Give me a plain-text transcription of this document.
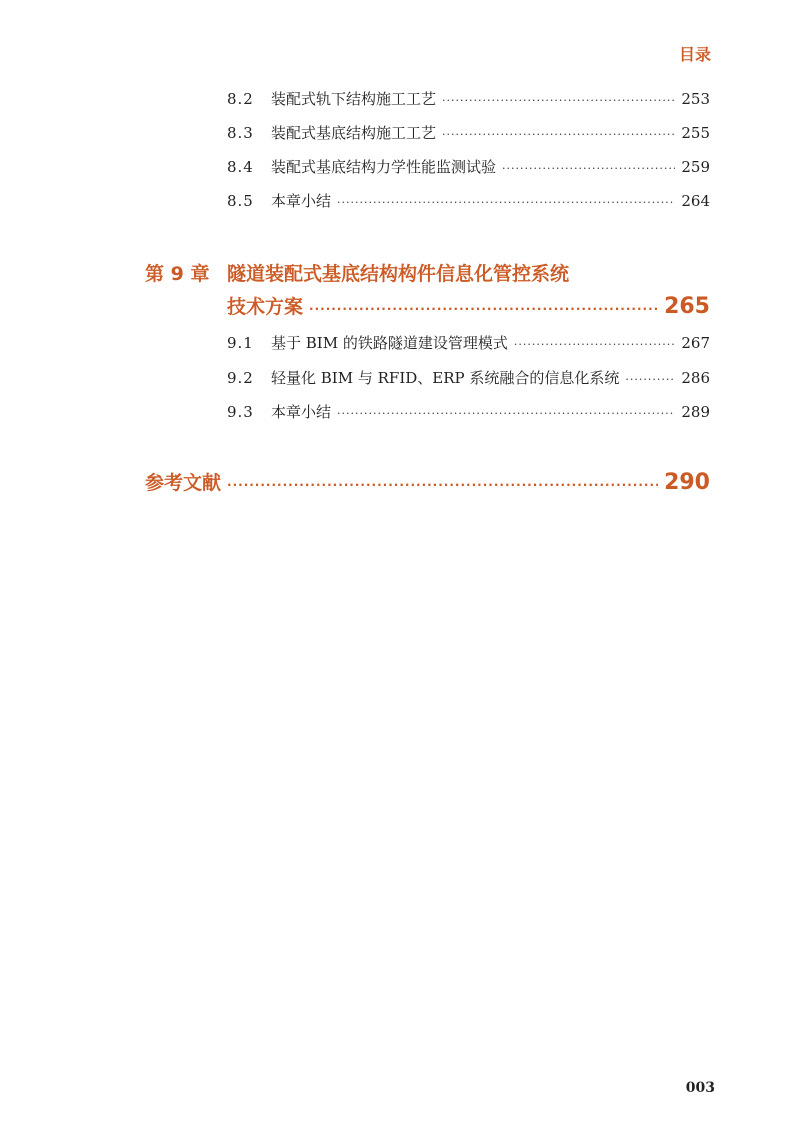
目录
8.2	装配式轨下结构施工工艺 ·····	253
8.3	装配式基底结构施工工艺 ·····	255
8.4	装配式基底结构力学性能监测试验 ·····	259
8.5	本章小结 ·····	264
第 9 章 隧道装配式基底结构构件信息化管控系统
技术方案 ·····	265
9.1	基于 BIM 的铁路隧道建设管理模式 ·····	267
9.2	轻量化 BIM 与 RFID、ERP 系统融合的信息化系统 ·····	286
9.3	本章小结 ·····	289
参考文献 ·····	290
003
